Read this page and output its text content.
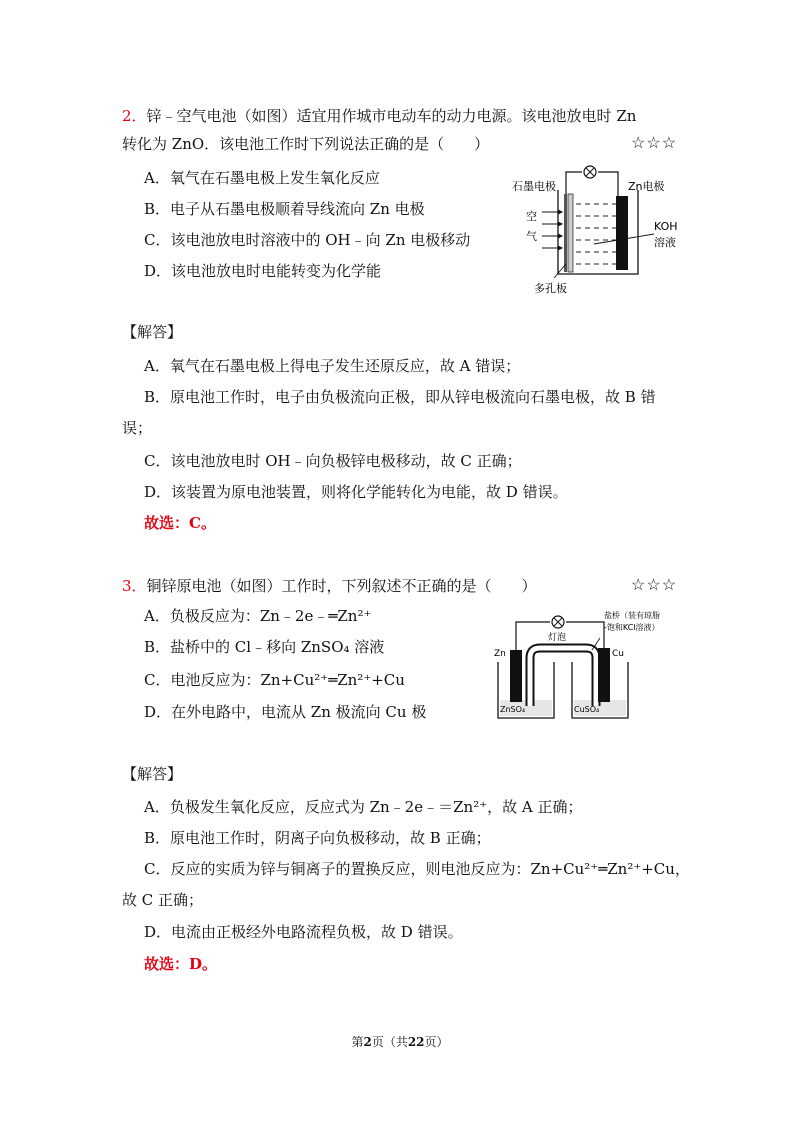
2．锌﹣空气电池（如图）适宜用作城市电动车的动力电源。该电池放电时 Zn
转化为 ZnO．该电池工作时下列说法正确的是（　　）	☆☆☆
A．氧气在石墨电极上发生氧化反应
B．电子从石墨电极顺着导线流向 Zn 电极
C．该电池放电时溶液中的 OH﹣向 Zn 电极移动
D．该电池放电时电能转变为化学能
石墨电极	Zn电极
空
气
KOH
溶液
多孔板
【解答】
A．氧气在石墨电极上得电子发生还原反应，故 A 错误；
B．原电池工作时，电子由负极流向正极，即从锌电极流向石墨电极，故 B 错
误；
C．该电池放电时 OH﹣向负极锌电极移动，故 C 正确；
D．该装置为原电池装置，则将化学能转化为电能，故 D 错误。
故选：C。
3．铜锌原电池（如图）工作时，下列叙述不正确的是（　　）	☆☆☆
A．负极反应为：Zn﹣2e﹣═Zn²⁺
B．盐桥中的 Cl﹣移向 ZnSO₄ 溶液
C．电池反应为：Zn+Cu²⁺═Zn²⁺+Cu
D．在外电路中，电流从 Zn 极流向 Cu 极
灯泡
盐桥（装有琼脂
-饱和KCl溶液）
Zn	Cu
ZnSO₄	CuSO₄
【解答】
A．负极发生氧化反应，反应式为 Zn﹣2e﹣＝Zn²⁺，故 A 正确；
B．原电池工作时，阴离子向负极移动，故 B 正确；
C．反应的实质为锌与铜离子的置换反应，则电池反应为：Zn+Cu²⁺═Zn²⁺+Cu，
故 C 正确；
D．电流由正极经外电路流程负极，故 D 错误。
故选：D。
第2页（共22页）
